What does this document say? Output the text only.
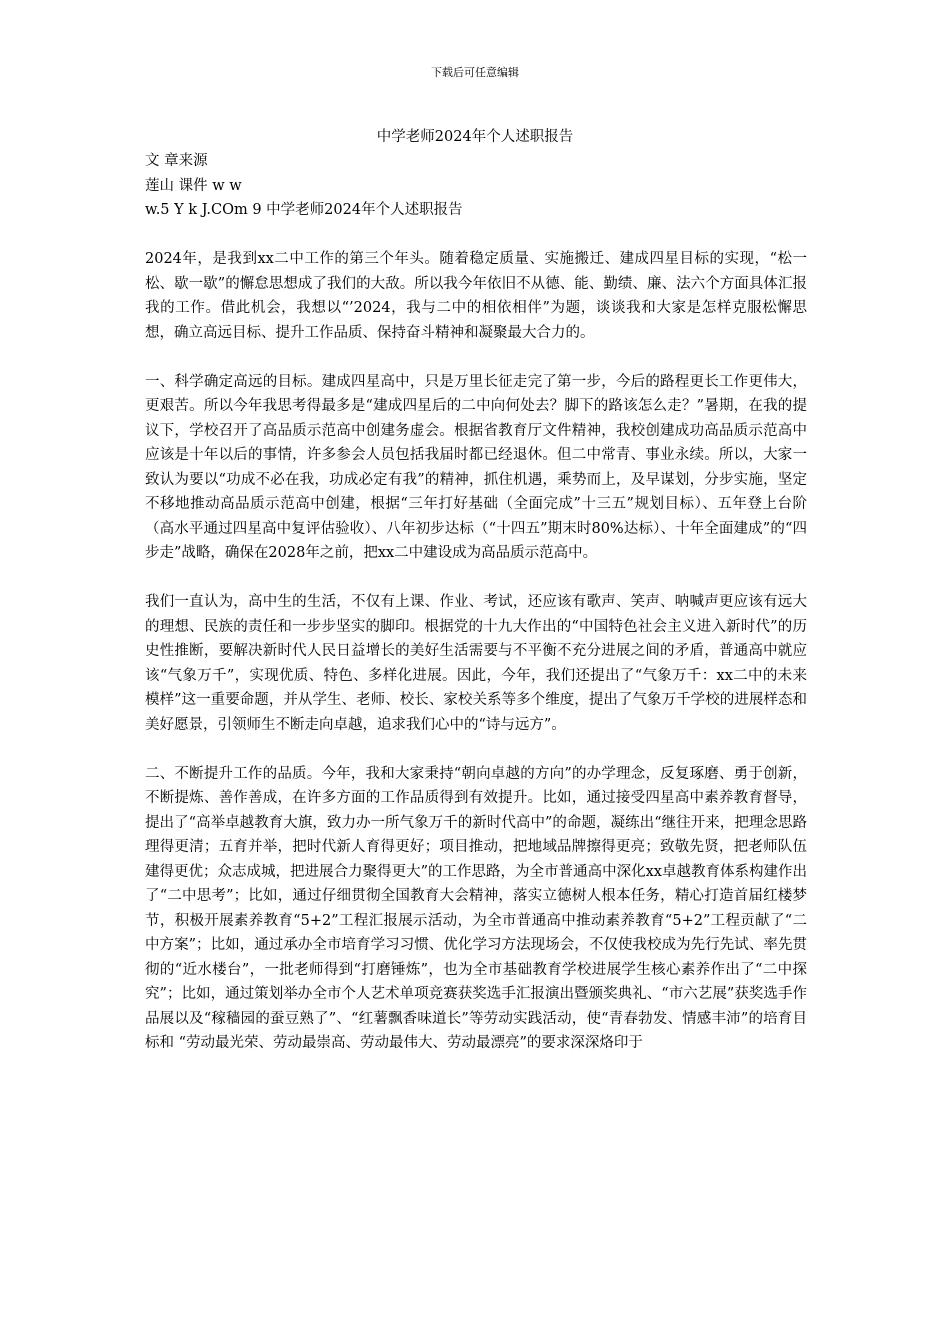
下载后可任意编辑
中学老师2024年个人述职报告

文 章来源

莲山 课件 w w

w.5 Y k J.COm 9 中学老师2024年个人述职报告

2024年，是我到xx二中工作的第三个年头。随着稳定质量、实施搬迁、建成四星目标的实现，“松一松、歇一歇”的懈怠思想成了我们的大敌。所以我今年依旧不从德、能、勤绩、廉、法六个方面具体汇报我的工作。借此机会，我想以“’2024，我与二中的相依相伴”为题，谈谈我和大家是怎样克服松懈思想，确立高远目标、提升工作品质、保持奋斗精神和凝聚最大合力的。

一、科学确定高远的目标。建成四星高中，只是万里长征走完了第一步，今后的路程更长工作更伟大，更艰苦。所以今年我思考得最多是“建成四星后的二中向何处去？脚下的路该怎么走？”暑期，在我的提议下，学校召开了高品质示范高中创建务虚会。根据省教育厅文件精神，我校创建成功高品质示范高中应该是十年以后的事情，许多参会人员包括我届时都已经退休。但二中常青、事业永续。所以，大家一致认为要以“功成不必在我，功成必定有我”的精神，抓住机遇，乘势而上，及早谋划，分步实施，坚定不移地推动高品质示范高中创建，根据“三年打好基础（全面完成”十三五”规划目标）、五年登上台阶（高水平通过四星高中复评估验收）、八年初步达标（“十四五”期末时80%达标）、十年全面建成”的“四步走”战略，确保在2028年之前，把xx二中建设成为高品质示范高中。

我们一直认为，高中生的生活，不仅有上课、作业、考试，还应该有歌声、笑声、呐喊声更应该有远大的理想、民族的责任和一步步坚实的脚印。根据党的十九大作出的“中国特色社会主义进入新时代”的历史性推断，要解决新时代人民日益增长的美好生活需要与不平衡不充分进展之间的矛盾，普通高中就应该“气象万千”，实现优质、特色、多样化进展。因此，今年，我们还提出了“气象万千：xx二中的未来模样”这一重要命题，并从学生、老师、校长、家校关系等多个维度，提出了气象万千学校的进展样态和美好愿景，引领师生不断走向卓越，追求我们心中的“诗与远方”。

二、不断提升工作的品质。今年，我和大家秉持“朝向卓越的方向”的办学理念，反复琢磨、勇于创新，不断提炼、善作善成，在许多方面的工作品质得到有效提升。比如，通过接受四星高中素养教育督导，提出了“高举卓越教育大旗，致力办一所气象万千的新时代高中”的命题，凝练出“继往开来，把理念思路理得更清；五育并举，把时代新人育得更好；项目推动，把地域品牌擦得更亮；致敬先贤，把老师队伍建得更优；众志成城，把进展合力聚得更大”的工作思路，为全市普通高中深化xx卓越教育体系构建作出了“二中思考”；比如，通过仔细贯彻全国教育大会精神，落实立德树人根本任务，精心打造首届红楼梦节，积极开展素养教育“5+2”工程汇报展示活动，为全市普通高中推动素养教育“5+2”工程贡献了“二中方案”；比如，通过承办全市培育学习习惯、优化学习方法现场会，不仅使我校成为先行先试、率先贯彻的“近水楼台”，一批老师得到“打磨锤炼”，也为全市基础教育学校进展学生核心素养作出了“二中探究”；比如，通过策划举办全市个人艺术单项竞赛获奖选手汇报演出暨颁奖典礼、“市六艺展”获奖选手作品展以及“稼穑园的蚕豆熟了”、“红薯飘香味道长”等劳动实践活动，使“青春勃发、情感丰沛”的培育目标和 “劳动最光荣、劳动最崇高、劳动最伟大、劳动最漂亮”的要求深深烙印于
